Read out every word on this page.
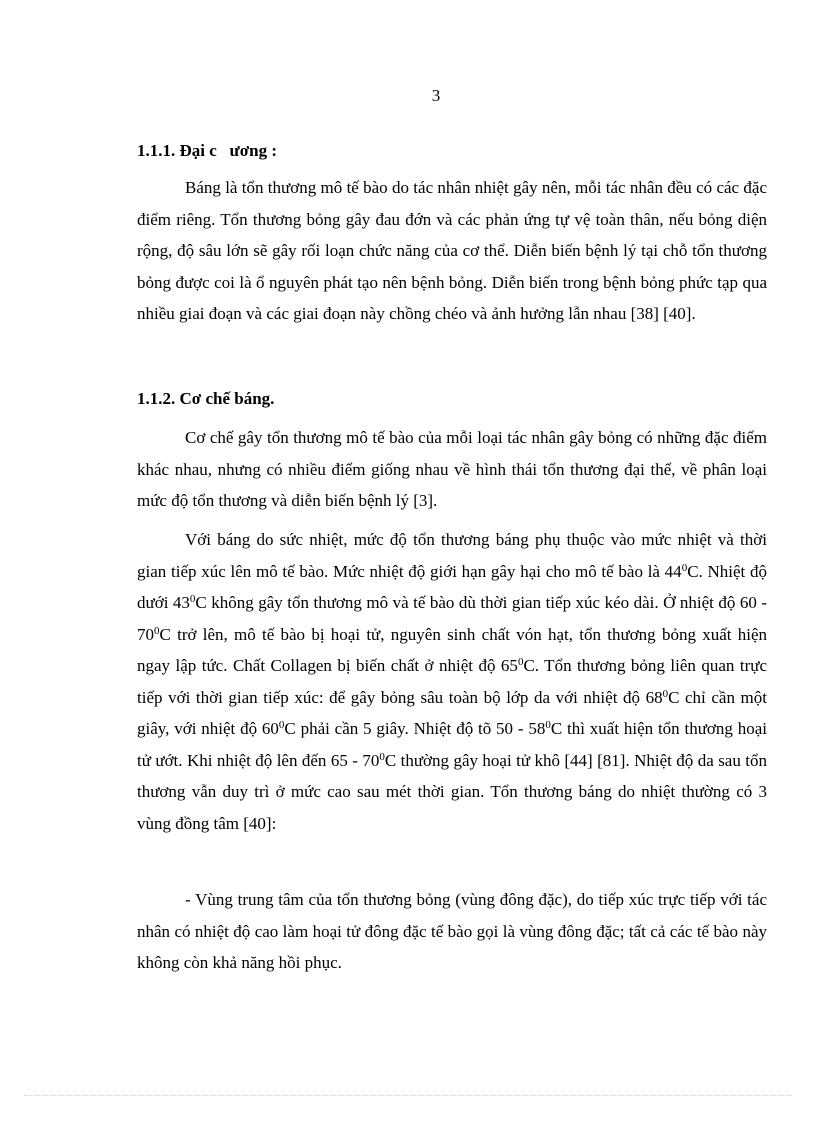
3
1.1.1. Đại c   ương :

Báng là tổn thương mô tế bào do tác nhân nhiệt gây nên, mỗi tác nhân đều có các đặc điểm riêng. Tổn thương bỏng gây đau đớn và các phản ứng tự vệ toàn thân, nếu bỏng diện rộng, độ sâu lớn sẽ gây rối loạn chức năng của cơ thể. Diễn biến bệnh lý tại chỗ tổn thương bỏng được coi là ổ nguyên phát tạo nên bệnh bỏng. Diễn biến trong bệnh bỏng phức tạp qua nhiều giai đoạn và các giai đoạn này chồng chéo và ảnh hưởng lẫn nhau [38] [40].

1.1.2. Cơ chế báng.

Cơ chế gây tổn thương mô tế bào của mỗi loại tác nhân gây bỏng có những đặc điểm khác nhau, nhưng có nhiều điểm giống nhau về hình thái tổn thương đại thể, về phân loại mức độ tổn thương và diễn biến bệnh lý [3].

Với báng do sức nhiệt, mức độ tổn thương báng phụ thuộc vào mức nhiệt và thời gian tiếp xúc lên mô tế bào. Mức nhiệt độ giới hạn gây hại cho mô tế bào là $44^0C$. Nhiệt độ dưới $43^0C$ không gây tổn thương mô và tế bào dù thời gian tiếp xúc kéo dài. Ở nhiệt độ $60 - 70^0C$ trở lên, mô tế bào bị hoại tử, nguyên sinh chất vón hạt, tổn thương bỏng xuất hiện ngay lập tức. Chất Collagen bị biến chất ở nhiệt độ $65^0C$. Tổn thương bỏng liên quan trực tiếp với thời gian tiếp xúc: để gây bỏng sâu toàn bộ lớp da với nhiệt độ $68^0C$ chỉ cần một giây, với nhiệt độ $60^0C$ phải cần 5 giây. Nhiệt độ tõ $50 - 58^0C$ thì xuất hiện tổn thương hoại tử ướt. Khi nhiệt độ lên đến $65 - 70^0C$ thường gây hoại tử khô [44] [81]. Nhiệt độ da sau tổn thương vẫn duy trì ở mức cao sau mét thời gian. Tổn thương báng do nhiệt thường có 3 vùng đồng tâm [40]:

- Vùng trung tâm của tổn thương bỏng (vùng đông đặc), do tiếp xúc trực tiếp với tác nhân có nhiệt độ cao làm hoại tử đông đặc tế bào gọi là vùng đông đặc; tất cả các tế bào này không còn khả năng hồi phục.
